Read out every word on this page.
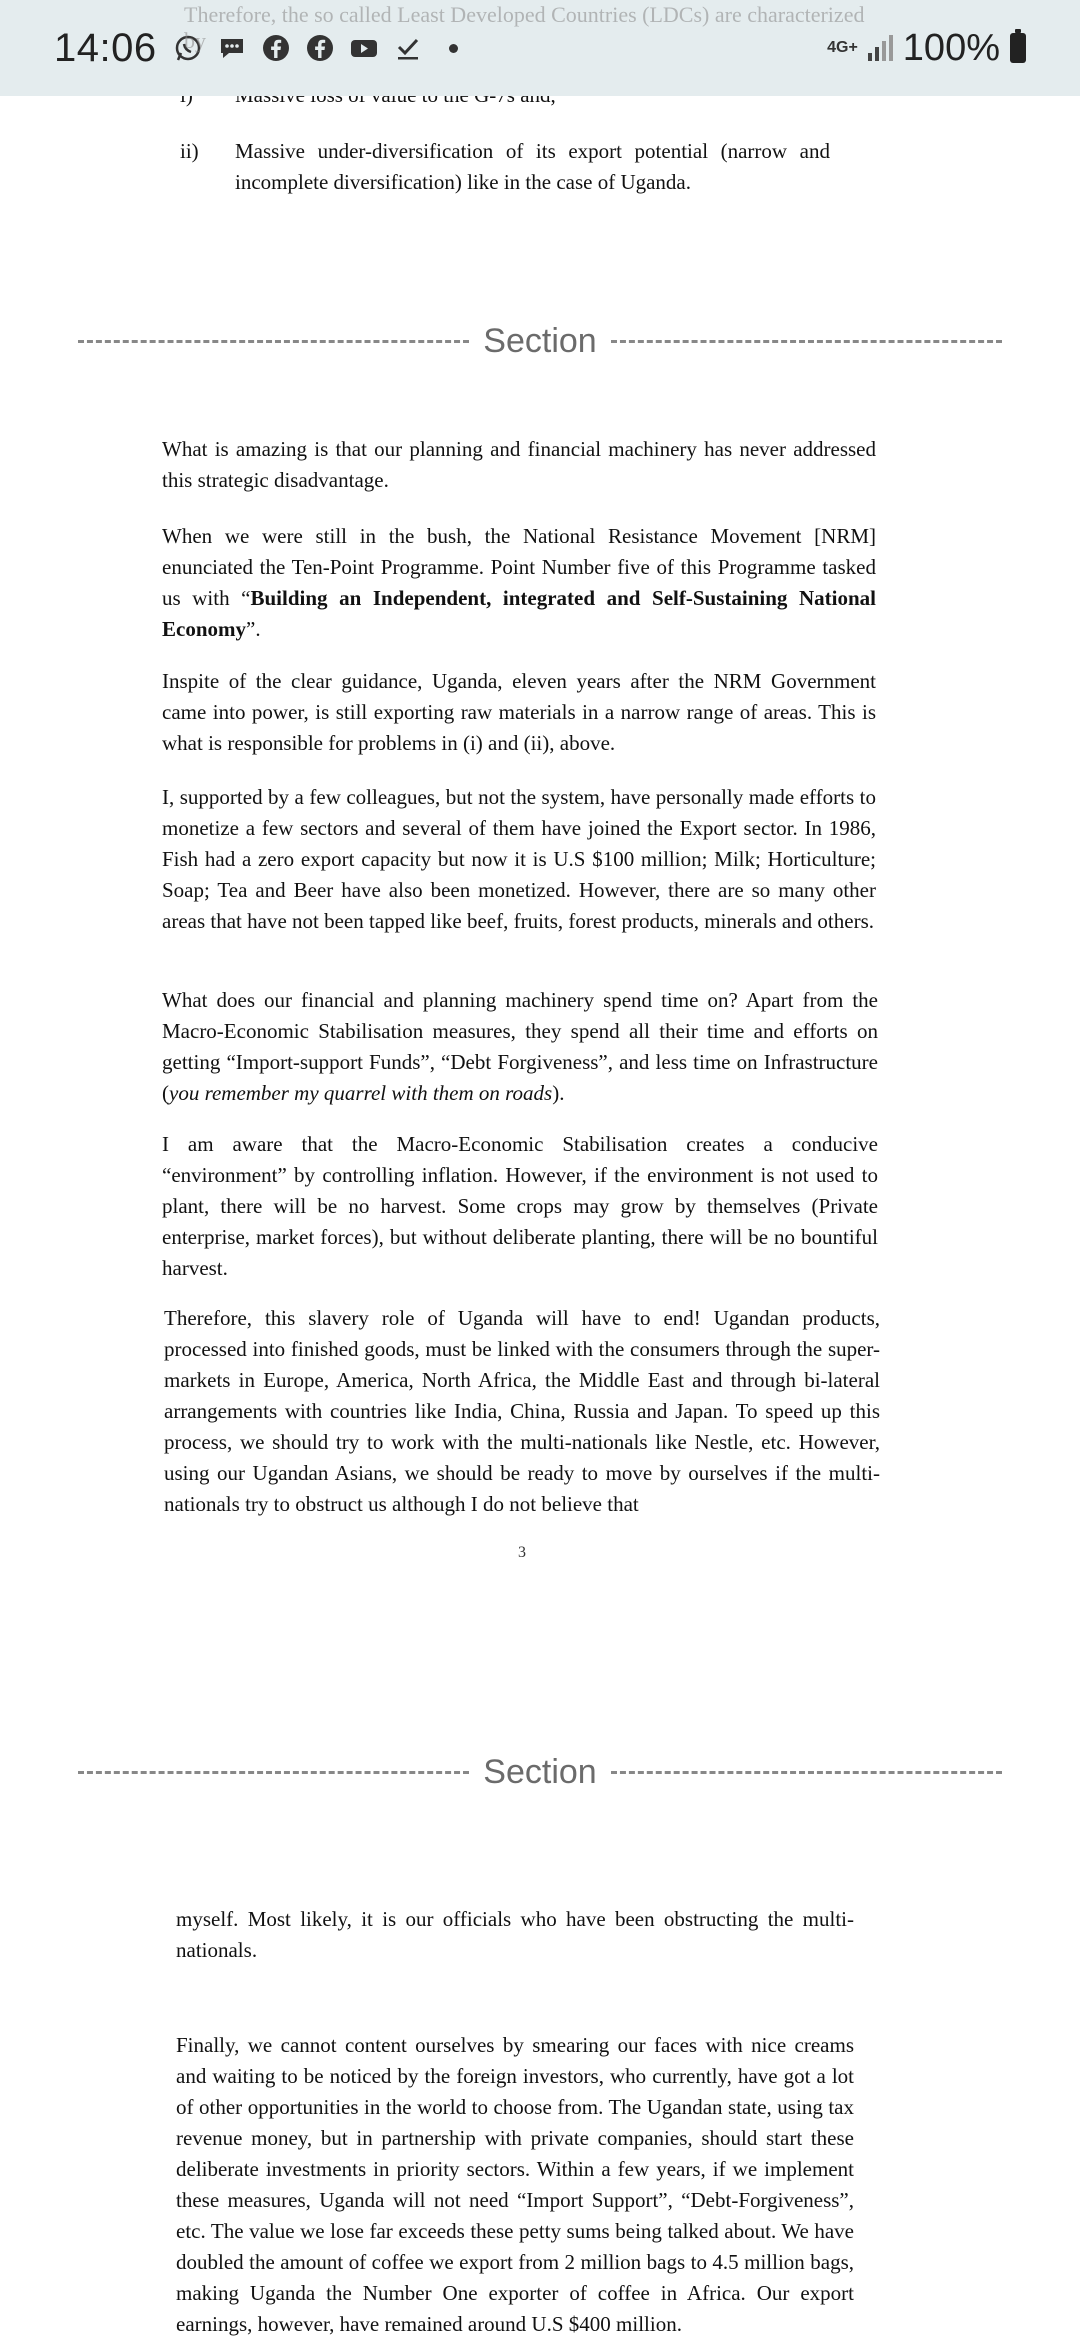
14:06	4G+ 100%
Therefore, the so called Least Developed Countries (LDCs) are characterized by
ii)	Massive under-diversification of its export potential (narrow and incomplete diversification) like in the case of Uganda.
Section

What is amazing is that our planning and financial machinery has never addressed this strategic disadvantage.

When we were still in the bush, the National Resistance Movement [NRM] enunciated the Ten-Point Programme. Point Number five of this Programme tasked us with “Building an Independent, integrated and Self-Sustaining National Economy”.

Inspite of the clear guidance, Uganda, eleven years after the NRM Government came into power, is still exporting raw materials in a narrow range of areas. This is what is responsible for problems in (i) and (ii), above.

I, supported by a few colleagues, but not the system, have personally made efforts to monetize a few sectors and several of them have joined the Export sector. In 1986, Fish had a zero export capacity but now it is U.S $100 million; Milk; Horticulture; Soap; Tea and Beer have also been monetized. However, there are so many other areas that have not been tapped like beef, fruits, forest products, minerals and others.

What does our financial and planning machinery spend time on? Apart from the Macro-Economic Stabilisation measures, they spend all their time and efforts on getting “Import-support Funds”, “Debt Forgiveness”, and less time on Infrastructure (you remember my quarrel with them on roads).

I am aware that the Macro-Economic Stabilisation creates a conducive “environment” by controlling inflation. However, if the environment is not used to plant, there will be no harvest. Some crops may grow by themselves (Private enterprise, market forces), but without deliberate planting, there will be no bountiful harvest.

Therefore, this slavery role of Uganda will have to end! Ugandan products, processed into finished goods, must be linked with the consumers through the super-markets in Europe, America, North Africa, the Middle East and through bi-lateral arrangements with countries like India, China, Russia and Japan. To speed up this process, we should try to work with the multi-nationals like Nestle, etc. However, using our Ugandan Asians, we should be ready to move by ourselves if the multi-nationals try to obstruct us although I do not believe that

3
Section

myself. Most likely, it is our officials who have been obstructing the multi-nationals.

Finally, we cannot content ourselves by smearing our faces with nice creams and waiting to be noticed by the foreign investors, who currently, have got a lot of other opportunities in the world to choose from. The Ugandan state, using tax revenue money, but in partnership with private companies, should start these deliberate investments in priority sectors. Within a few years, if we implement these measures, Uganda will not need “Import Support”, “Debt-Forgiveness”, etc. The value we lose far exceeds these petty sums being talked about. We have doubled the amount of coffee we export from 2 million bags to 4.5 million bags, making Uganda the Number One exporter of coffee in Africa. Our export earnings, however, have remained around U.S $400 million.
